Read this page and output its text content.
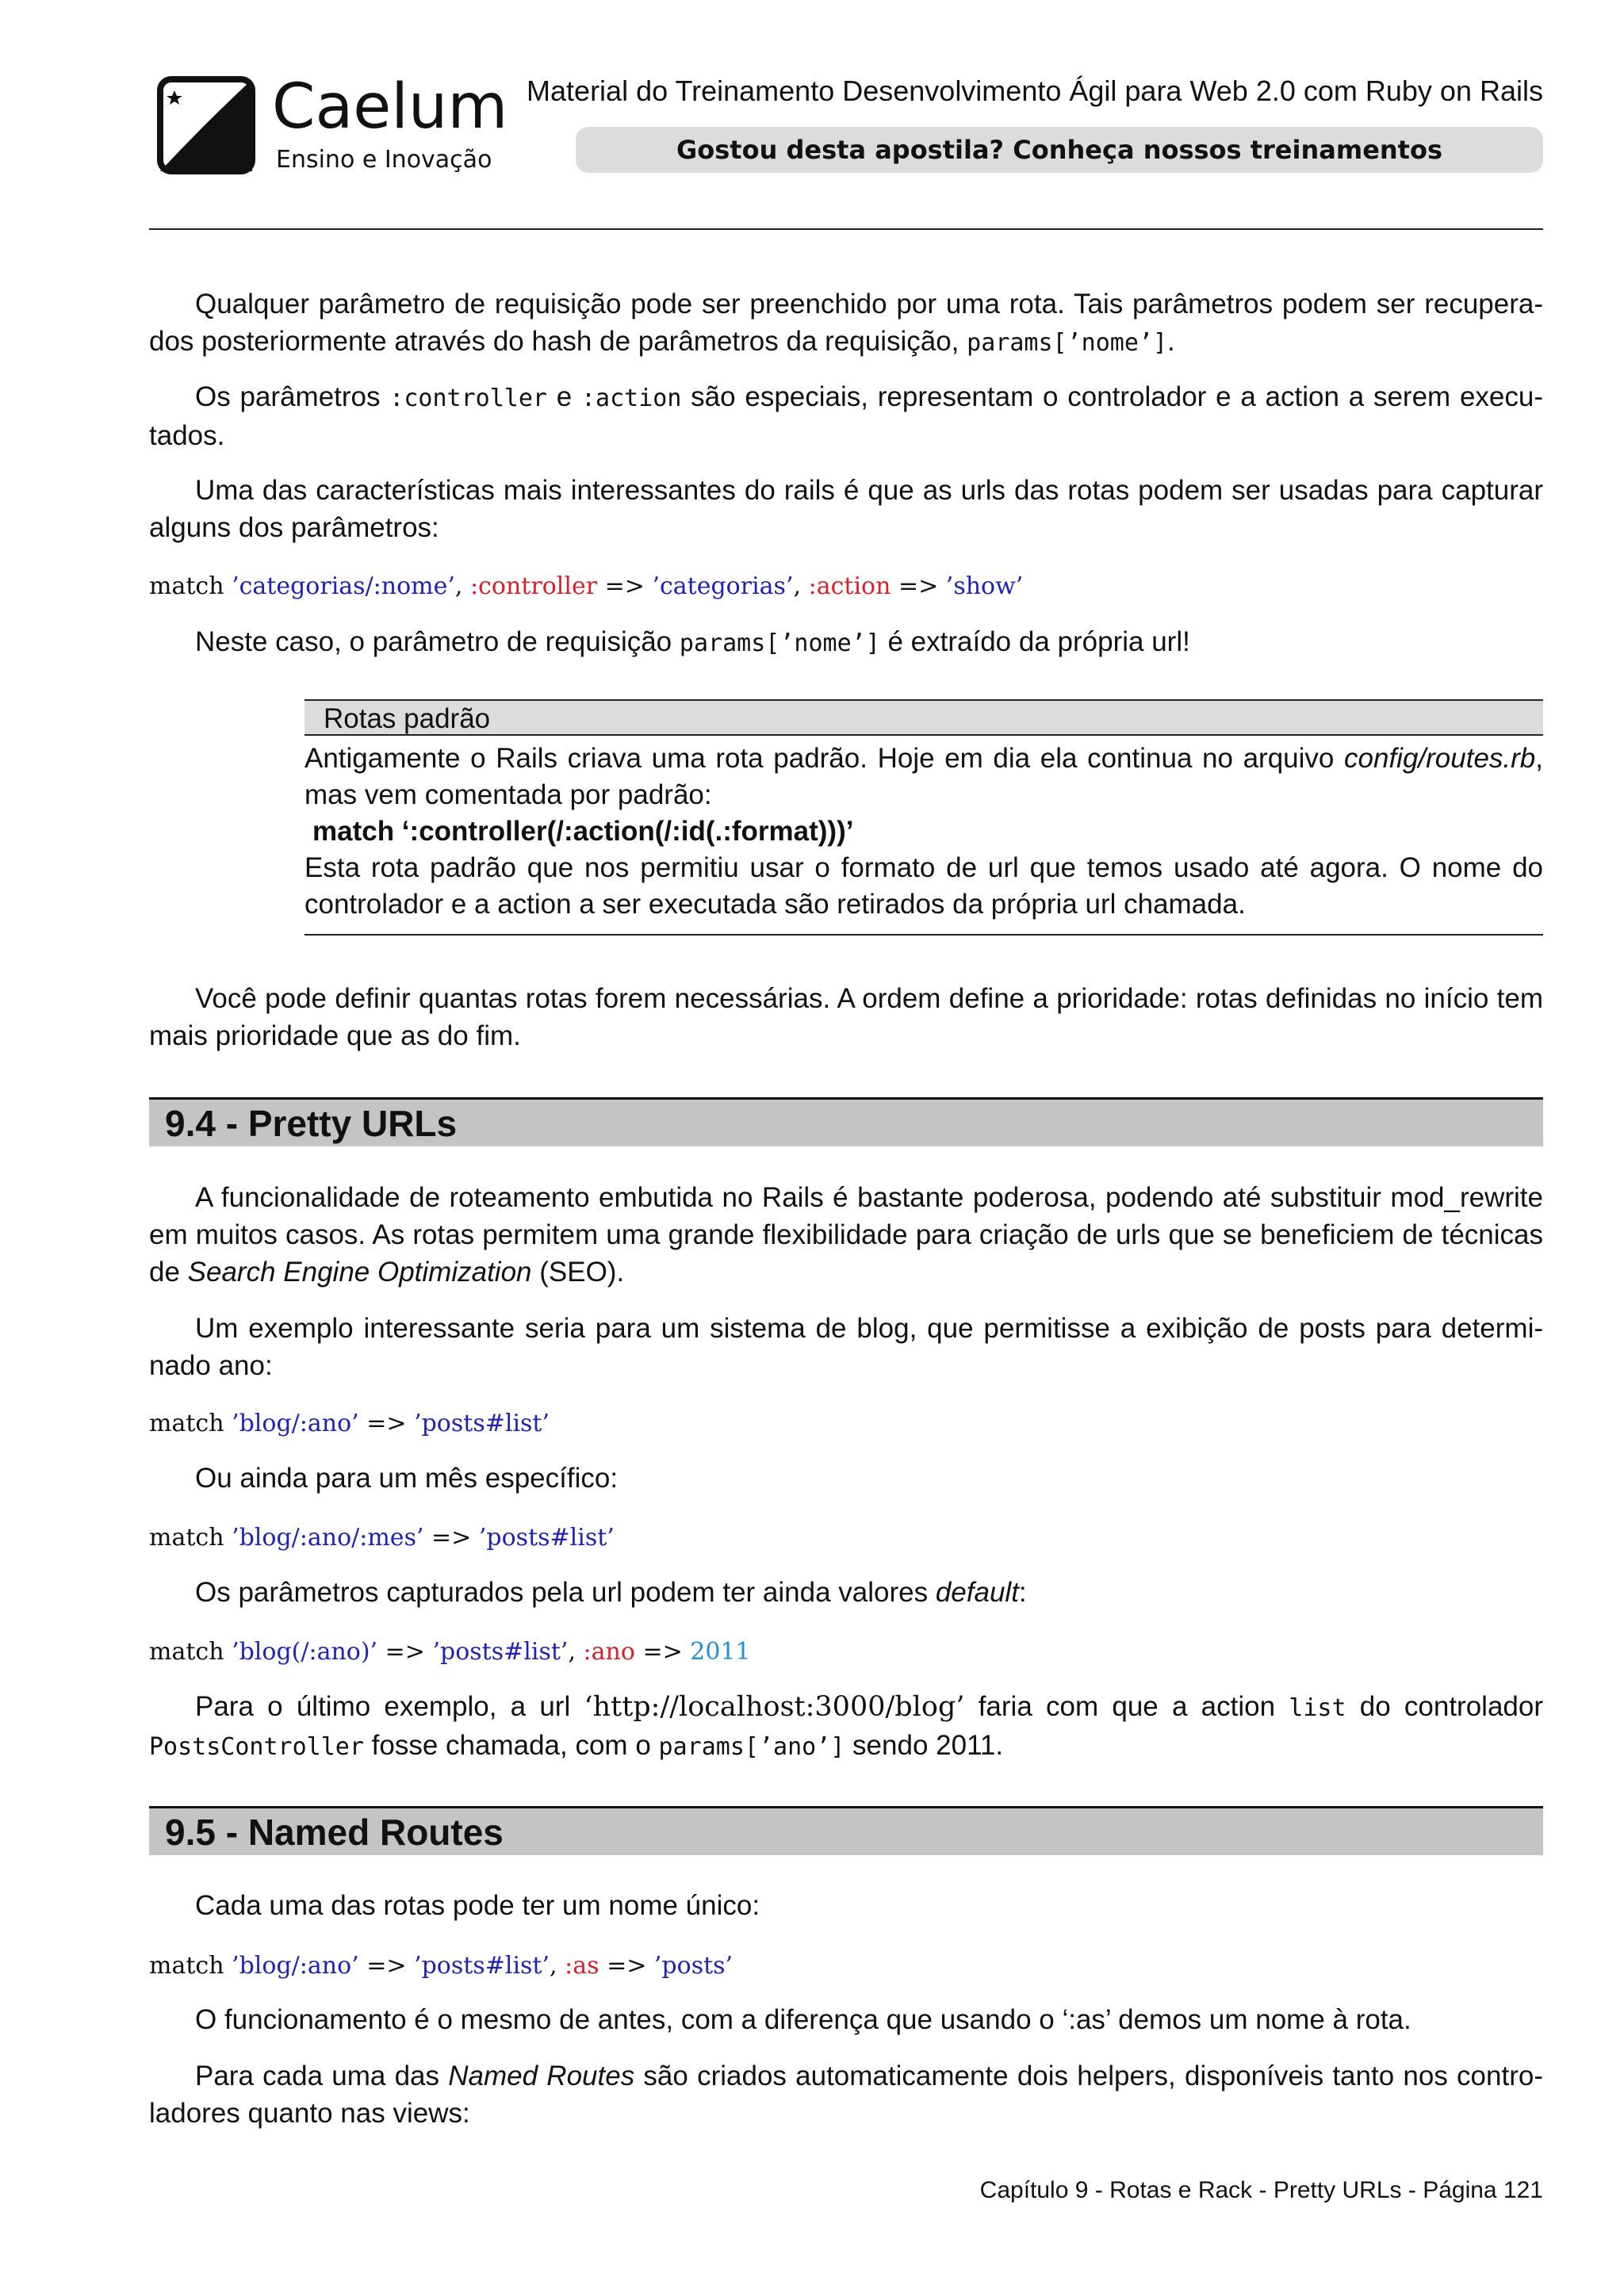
Caelum
Ensino e Inovação
Material do Treinamento Desenvolvimento Ágil para Web 2.0 com Ruby on Rails
Gostou desta apostila? Conheça nossos treinamentos

Qualquer parâmetro de requisição pode ser preenchido por uma rota. Tais parâmetros podem ser recupera-dos posteriormente através do hash de parâmetros da requisição, params[’nome’].

Os parâmetros :controller e :action são especiais, representam o controlador e a action a serem execu-tados.

Uma das características mais interessantes do rails é que as urls das rotas podem ser usadas para capturar alguns dos parâmetros:

match ’categorias/:nome’, :controller => ’categorias’, :action => ’show’

Neste caso, o parâmetro de requisição params[’nome’] é extraído da própria url!

Rotas padrão
Antigamente o Rails criava uma rota padrão. Hoje em dia ela continua no arquivo config/routes.rb, mas vem comentada por padrão:
match ‘:controller(/:action(/:id(.:format)))’
Esta rota padrão que nos permitiu usar o formato de url que temos usado até agora. O nome do controlador e a action a ser executada são retirados da própria url chamada.

Você pode definir quantas rotas forem necessárias. A ordem define a prioridade: rotas definidas no início tem mais prioridade que as do fim.

9.4 - Pretty URLs

A funcionalidade de roteamento embutida no Rails é bastante poderosa, podendo até substituir mod_rewrite em muitos casos. As rotas permitem uma grande flexibilidade para criação de urls que se beneficiem de técnicas de Search Engine Optimization (SEO).

Um exemplo interessante seria para um sistema de blog, que permitisse a exibição de posts para determi-nado ano:

match ’blog/:ano’ => ’posts#list’

Ou ainda para um mês específico:

match ’blog/:ano/:mes’ => ’posts#list’

Os parâmetros capturados pela url podem ter ainda valores default:

match ’blog(/:ano)’ => ’posts#list’, :ano => 2011

Para o último exemplo, a url ‘http://localhost:3000/blog’ faria com que a action list do controlador PostsController fosse chamada, com o params[’ano’] sendo 2011.

9.5 - Named Routes

Cada uma das rotas pode ter um nome único:

match ’blog/:ano’ => ’posts#list’, :as => ’posts’

O funcionamento é o mesmo de antes, com a diferença que usando o ‘:as’ demos um nome à rota.

Para cada uma das Named Routes são criados automaticamente dois helpers, disponíveis tanto nos contro-ladores quanto nas views:

Capítulo 9 - Rotas e Rack - Pretty URLs - Página 121
